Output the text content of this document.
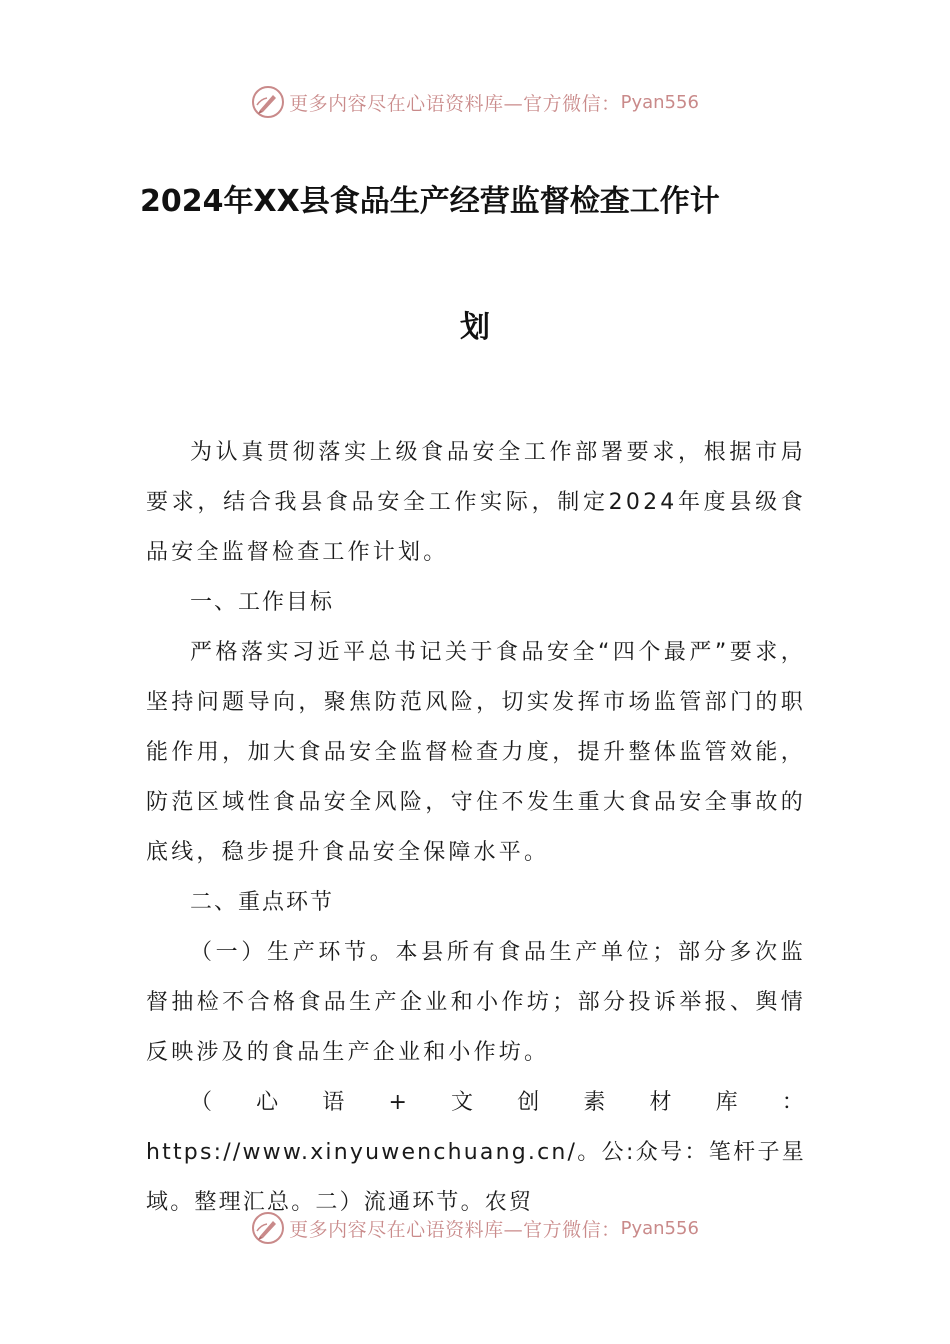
更多内容尽在心语资料库—官方微信： Pyan556
2024年XX县食品生产经营监督检查工作计
划

为认真贯彻落实上级食品安全工作部署要求，根据市局要求，结合我县食品安全工作实际，制定2024年度县级食品安全监督检查工作计划。

一、工作目标

严格落实习近平总书记关于食品安全“四个最严”要求，坚持问题导向，聚焦防范风险，切实发挥市场监管部门的职能作用，加大食品安全监督检查力度，提升整体监管效能，防范区域性食品安全风险，守住不发生重大食品安全事故的底线，稳步提升食品安全保障水平。

二、重点环节

（一）生产环节。本县所有食品生产单位；部分多次监督抽检不合格食品生产企业和小作坊；部分投诉举报、舆情反映涉及的食品生产企业和小作坊。

（心语+文创素材库：https://www.xinyuwenchuang.cn/。公:众号：笔杆子星域。整理汇总。二）流通环节。农贸

更多内容尽在心语资料库—官方微信： Pyan556
